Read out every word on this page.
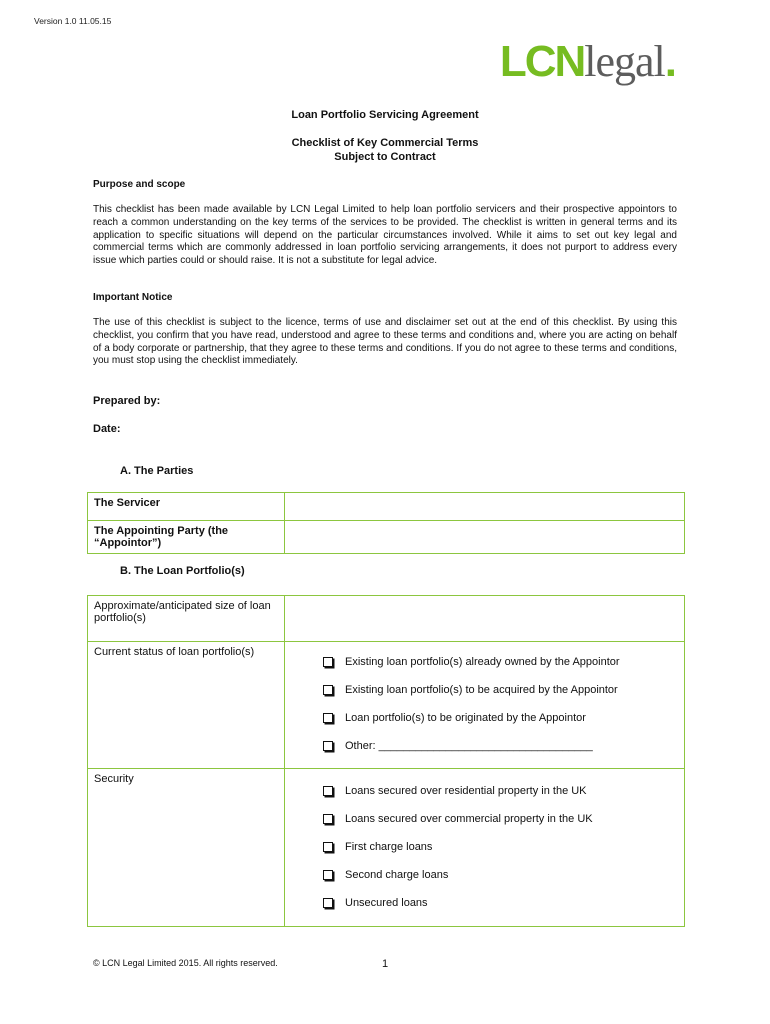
Version 1.0 11.05.15
LCNlegal.
Loan Portfolio Servicing Agreement
Checklist of Key Commercial Terms
Subject to Contract
Purpose and scope
This checklist has been made available by LCN Legal Limited to help loan portfolio servicers and their prospective appointors to reach a common understanding on the key terms of the services to be provided. The checklist is written in general terms and its application to specific situations will depend on the particular circumstances involved. While it aims to set out key legal and commercial terms which are commonly addressed in loan portfolio servicing arrangements, it does not purport to address every issue which parties could or should raise. It is not a substitute for legal advice.
Important Notice
The use of this checklist is subject to the licence, terms of use and disclaimer set out at the end of this checklist. By using this checklist, you confirm that you have read, understood and agree to these terms and conditions and, where you are acting on behalf of a body corporate or partnership, that they agree to these terms and conditions. If you do not agree to these terms and conditions, you must stop using the checklist immediately.
Prepared by:
Date:
A. The Parties
The Servicer	
The Appointing Party (the “Appointor”)	
B. The Loan Portfolio(s)
Approximate/anticipated size of loan portfolio(s)	
Current status of loan portfolio(s)	Existing loan portfolio(s) already owned by the Appointor
Existing loan portfolio(s) to be acquired by the Appointor
Loan portfolio(s) to be originated by the Appointor
Other: ___________________________________

Security	Loans secured over residential property in the UK
Loans secured over commercial property in the UK
First charge loans
Second charge loans
Unsecured loans
© LCN Legal Limited 2015. All rights reserved.	1
